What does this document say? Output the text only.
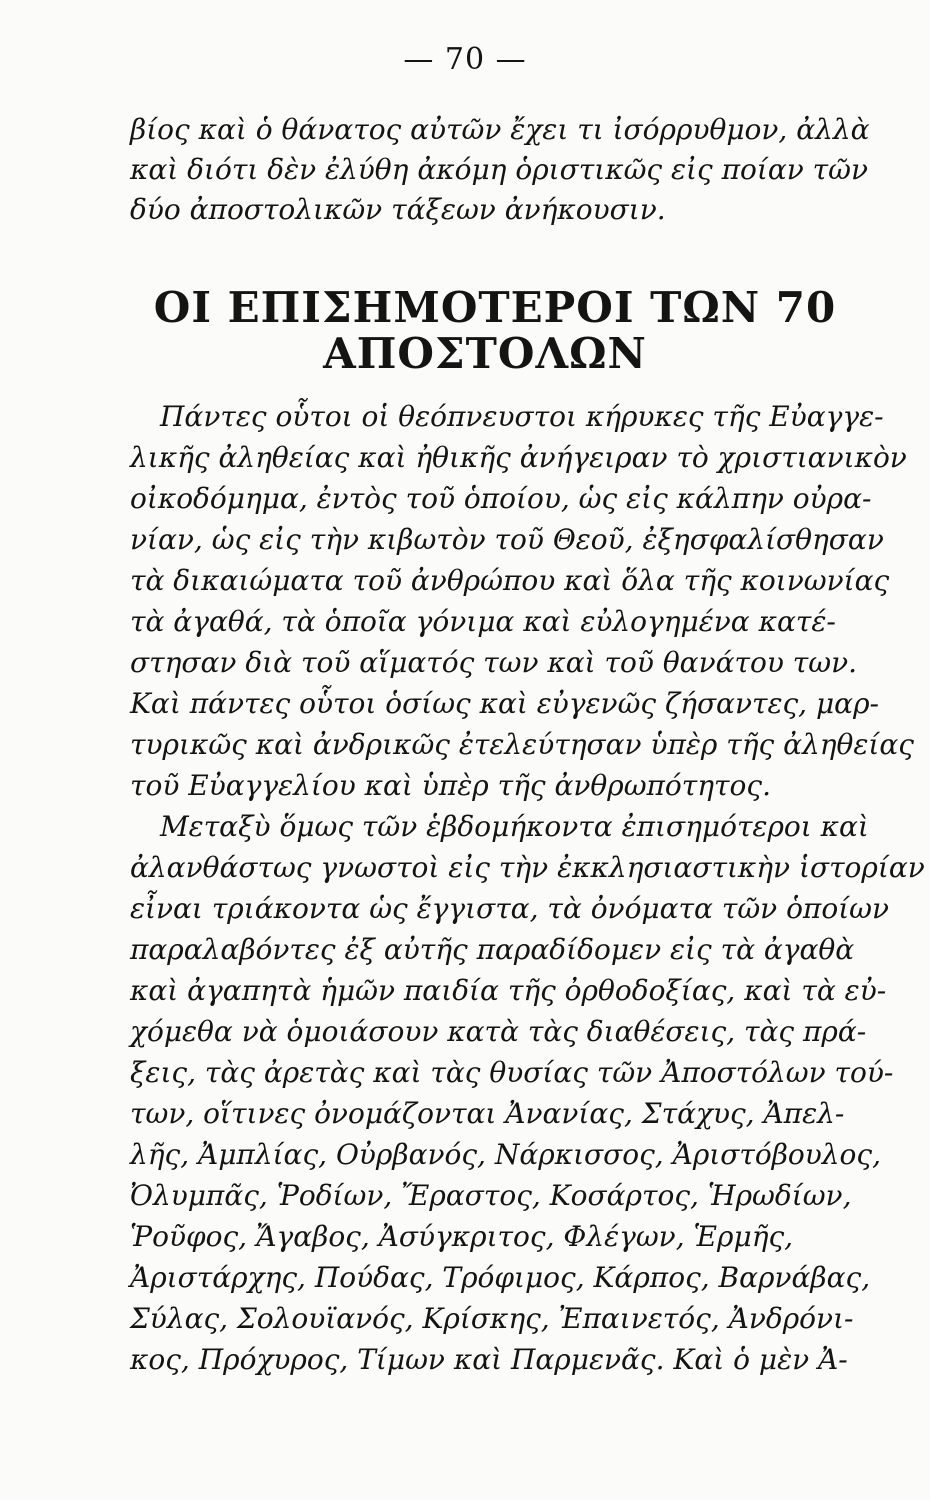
— 70 —
βίος καὶ ὁ θάνατος αὐτῶν ἔχει τι ἰσόρρυθμον, ἀλλὰ
καὶ διότι δὲν ἐλύθη ἀκόμη ὁριστικῶς εἰς ποίαν τῶν
δύο ἀποστολικῶν τάξεων ἀνήκουσιν.
ΟΙ ΕΠΙΣΗΜΟΤΕΡΟΙ ΤΩΝ 70
ΑΠΟΣΤΟΛΩΝ
Πάντες οὗτοι οἱ θεόπνευστοι κήρυκες τῆς Εὐαγγε-
λικῆς ἀληθείας καὶ ἠθικῆς ἀνήγειραν τὸ χριστιανικὸν
οἰκοδόμημα, ἐντὸς τοῦ ὁποίου, ὡς εἰς κάλπην οὐρα-
νίαν, ὡς εἰς τὴν κιβωτὸν τοῦ Θεοῦ, ἐξησφαλίσθησαν
τὰ δικαιώματα τοῦ ἀνθρώπου καὶ ὅλα τῆς κοινωνίας
τὰ ἀγαθά, τὰ ὁποῖα γόνιμα καὶ εὐλογημένα κατέ-
στησαν διὰ τοῦ αἵματός των καὶ τοῦ θανάτου των.
Καὶ πάντες οὗτοι ὁσίως καὶ εὐγενῶς ζήσαντες, μαρ-
τυρικῶς καὶ ἀνδρικῶς ἐτελεύτησαν ὑπὲρ τῆς ἀληθείας
τοῦ Εὐαγγελίου καὶ ὑπὲρ τῆς ἀνθρωπότητος.
Μεταξὺ ὅμως τῶν ἑβδομήκοντα ἐπισημότεροι καὶ
ἀλανθάστως γνωστοὶ εἰς τὴν ἐκκλησιαστικὴν ἱστορίαν
εἶναι τριάκοντα ὡς ἔγγιστα, τὰ ὀνόματα τῶν ὁποίων
παραλαβόντες ἐξ αὐτῆς παραδίδομεν εἰς τὰ ἀγαθὰ
καὶ ἀγαπητὰ ἡμῶν παιδία τῆς ὀρθοδοξίας, καὶ τὰ εὐ-
χόμεθα νὰ ὁμοιάσουν κατὰ τὰς διαθέσεις, τὰς πρά-
ξεις, τὰς ἀρετὰς καὶ τὰς θυσίας τῶν Ἀποστόλων τού-
των, οἵτινες ὀνομάζονται Ἀνανίας, Στάχυς, Ἀπελ-
λῆς, Ἀμπλίας, Οὐρβανός, Νάρκισσος, Ἀριστόβουλος,
Ὀλυμπᾶς, Ῥοδίων, Ἔραστος, Κοσάρτος, Ἡρωδίων,
Ῥοῦφος, Ἄγαβος, Ἀσύγκριτος, Φλέγων, Ἑρμῆς,
Ἀριστάρχης, Πούδας, Τρόφιμος, Κάρπος, Βαρνάβας,
Σύλας, Σολουϊανός, Κρίσκης, Ἐπαινετός, Ἀνδρόνι-
κος, Πρόχυρος, Τίμων καὶ Παρμενᾶς. Καὶ ὁ μὲν Ἀ-
